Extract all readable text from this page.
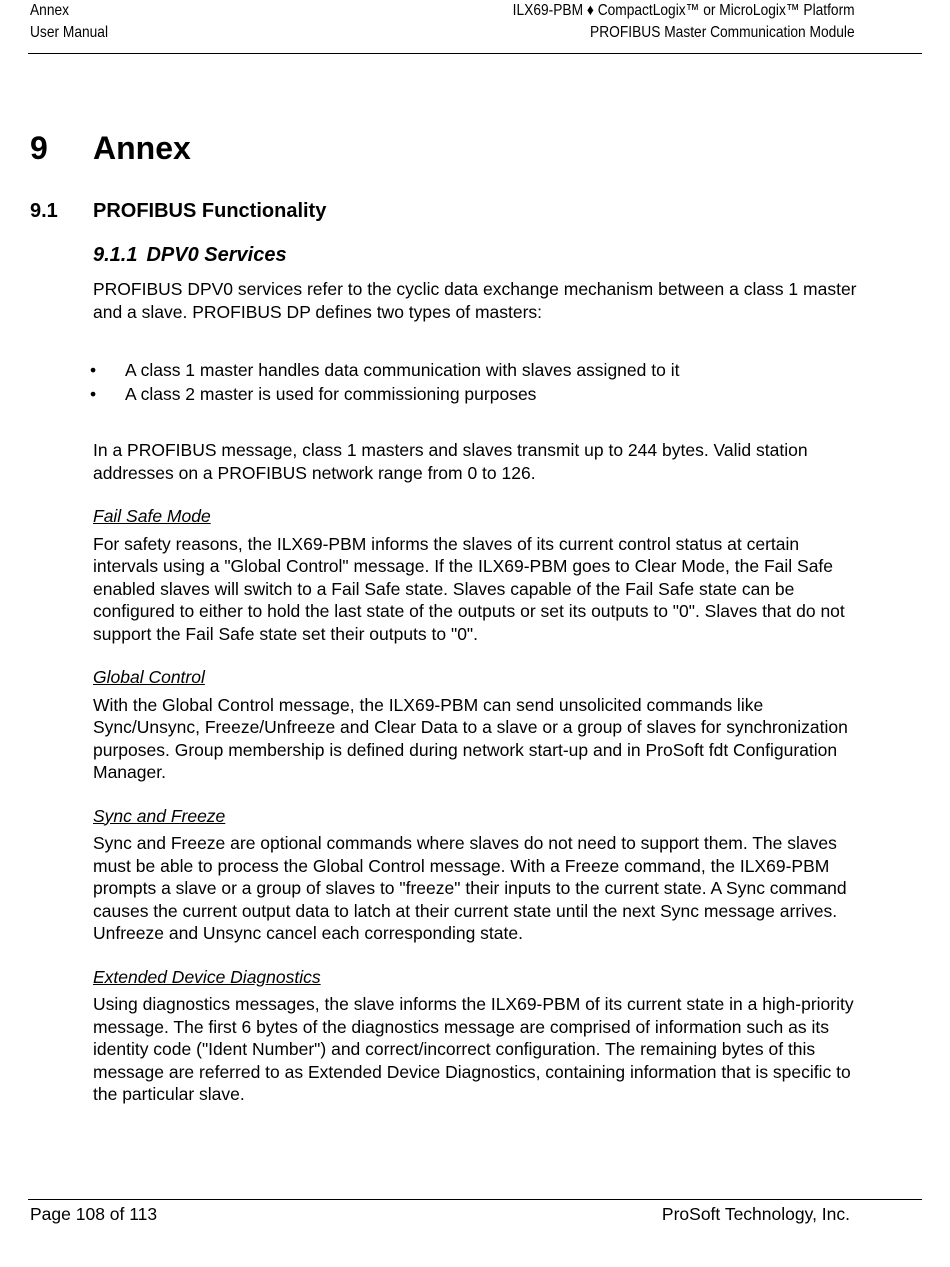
Annex
User Manual
ILX69-PBM ♦ CompactLogix™ or MicroLogix™ Platform
PROFIBUS Master Communication Module
9 Annex
9.1 PROFIBUS Functionality
9.1.1 DPV0 Services

PROFIBUS DPV0 services refer to the cyclic data exchange mechanism between a class 1 master and a slave. PROFIBUS DP defines two types of masters:

• A class 1 master handles data communication with slaves assigned to it
• A class 2 master is used for commissioning purposes

In a PROFIBUS message, class 1 masters and slaves transmit up to 244 bytes. Valid station addresses on a PROFIBUS network range from 0 to 126.

Fail Safe Mode

For safety reasons, the ILX69-PBM informs the slaves of its current control status at certain intervals using a "Global Control" message. If the ILX69-PBM goes to Clear Mode, the Fail Safe enabled slaves will switch to a Fail Safe state. Slaves capable of the Fail Safe state can be configured to either to hold the last state of the outputs or set its outputs to "0". Slaves that do not support the Fail Safe state set their outputs to "0".

Global Control

With the Global Control message, the ILX69-PBM can send unsolicited commands like Sync/Unsync, Freeze/Unfreeze and Clear Data to a slave or a group of slaves for synchronization purposes. Group membership is defined during network start-up and in ProSoft fdt Configuration Manager.

Sync and Freeze

Sync and Freeze are optional commands where slaves do not need to support them. The slaves must be able to process the Global Control message. With a Freeze command, the ILX69-PBM prompts a slave or a group of slaves to "freeze" their inputs to the current state. A Sync command causes the current output data to latch at their current state until the next Sync message arrives. Unfreeze and Unsync cancel each corresponding state.

Extended Device Diagnostics

Using diagnostics messages, the slave informs the ILX69-PBM of its current state in a high-priority message. The first 6 bytes of the diagnostics message are comprised of information such as its identity code ("Ident Number") and correct/incorrect configuration. The remaining bytes of this message are referred to as Extended Device Diagnostics, containing information that is specific to the particular slave.

Page 108 of 113	ProSoft Technology, Inc.
